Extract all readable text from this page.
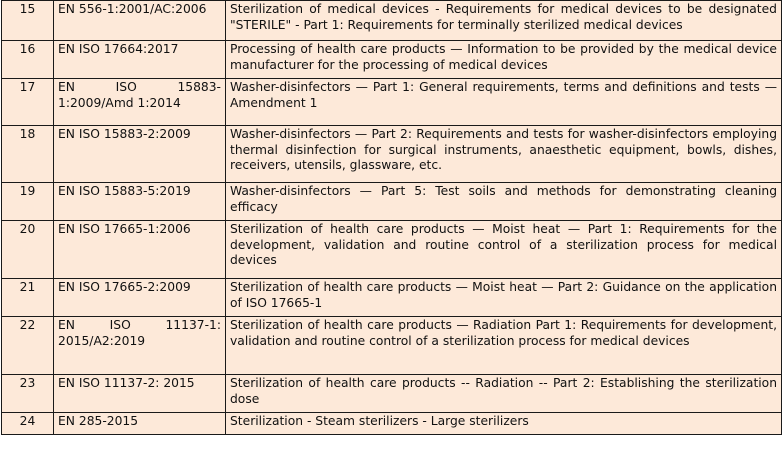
15	EN 556-1:2001/AC:2006	Sterilization of medical devices - Requirements for medical devices to be designated "STERILE" - Part 1: Requirements for terminally sterilized medical devices
16	EN ISO 17664:2017	Processing of health care products — Information to be provided by the medical device manufacturer for the processing of medical devices
17	EN ISO 15883-1:2009/Amd 1:2014	Washer-disinfectors — Part 1: General requirements, terms and definitions and tests — Amendment 1
18	EN ISO 15883-2:2009	Washer-disinfectors — Part 2: Requirements and tests for washer-disinfectors employing thermal disinfection for surgical instruments, anaesthetic equipment, bowls, dishes, receivers, utensils, glassware, etc.
19	EN ISO 15883-5:2019	Washer-disinfectors — Part 5: Test soils and methods for demonstrating cleaning efficacy
20	EN ISO 17665-1:2006	Sterilization of health care products — Moist heat — Part 1: Requirements for the development, validation and routine control of a sterilization process for medical devices
21	EN ISO 17665-2:2009	Sterilization of health care products — Moist heat — Part 2: Guidance on the application of ISO 17665-1
22	EN ISO 11137-1: 2015/A2:2019	Sterilization of health care products — Radiation Part 1: Requirements for development, validation and routine control of a sterilization process for medical devices
23	EN ISO 11137-2: 2015	Sterilization of health care products -- Radiation -- Part 2: Establishing the sterilization dose
24	EN 285-2015	Sterilization - Steam sterilizers - Large sterilizers
